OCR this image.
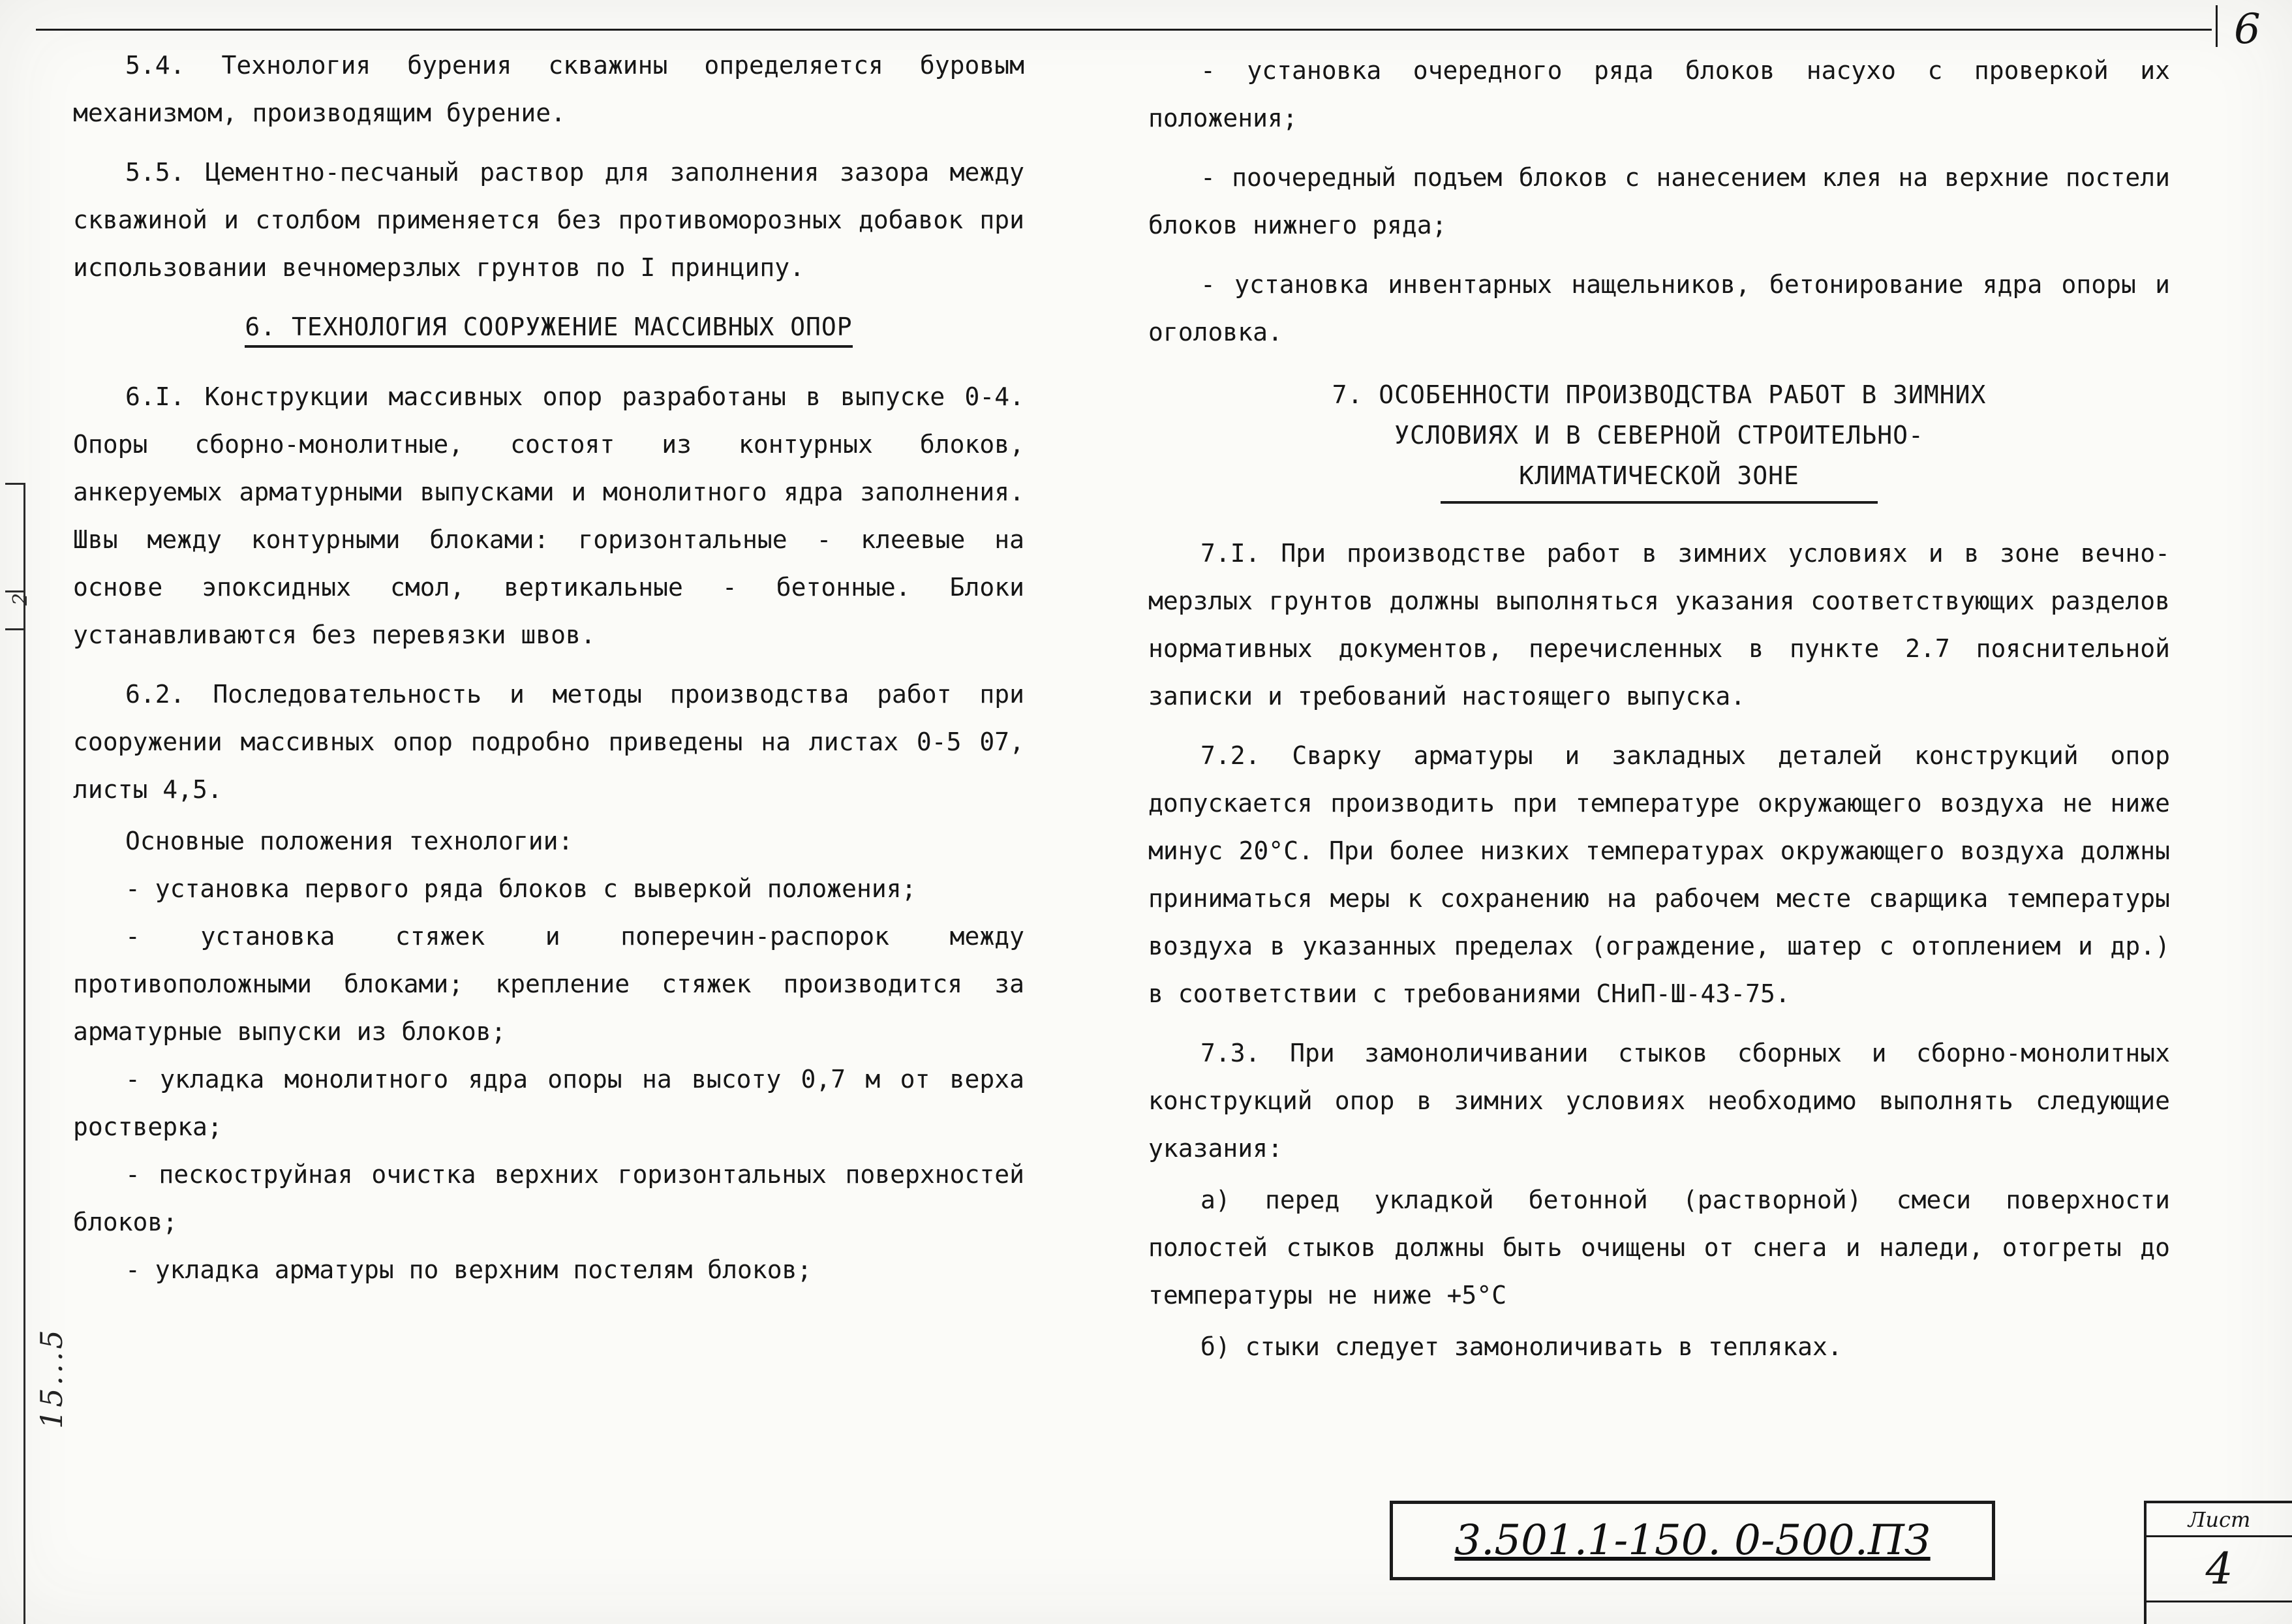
6
2
15...5
5.4. Технология бурения скважины определяется буровым механизмом, производящим бурение.
5.5. Цементно-песчаный раствор для заполнения зазора между скважиной и столбом применяется без противоморозных добавок при использовании вечномерзлых грунтов по I принципу.
6. ТЕХНОЛОГИЯ СООРУЖЕНИЕ МАССИВНЫХ ОПОР
6.I. Конструкции массивных опор разработаны в выпуске 0-4. Опоры сборно-монолитные, состоят из контурных блоков, анкеруемых арматурными выпусками и монолитного ядра заполнения. Швы между контурными блоками: горизонтальные - клеевые на основе эпоксидных смол, вертикальные - бетонные. Блоки устанавливаются без перевязки швов.
6.2. Последовательность и методы производства работ при сооружении массивных опор подробно приведены на листах 0-5 07, листы 4,5.
Основные положения технологии:
- установка первого ряда блоков с выверкой положения;
- установка стяжек и поперечин-распорок между противоположными блоками; крепление стяжек производится за арматурные выпуски из блоков;
- укладка монолитного ядра опоры на высоту 0,7 м от верха ростверка;
- пескоструйная очистка верхних горизонтальных поверхностей блоков;
- укладка арматуры по верхним постелям блоков;
- установка очередного ряда блоков насухо с проверкой их положения;
- поочередный подъем блоков с нанесением клея на верхние постели блоков нижнего ряда;
- установка инвентарных нащельников, бетонирование ядра опоры и оголовка.
7. ОСОБЕННОСТИ ПРОИЗВОДСТВА РАБОТ В ЗИМНИХ
УСЛОВИЯХ И В СЕВЕРНОЙ СТРОИТЕЛЬНО-
КЛИМАТИЧЕСКОЙ ЗОНЕ
7.I. При производстве работ в зимних условиях и в зоне вечно-мерзлых грунтов должны выполняться указания соответствующих разделов нормативных документов, перечисленных в пункте 2.7 пояснительной записки и требований настоящего выпуска.
7.2. Сварку арматуры и закладных деталей конструкций опор допускается производить при температуре окружающего воздуха не ниже минус 20°С. При более низких температурах окружающего воздуха должны приниматься меры к сохранению на рабочем месте сварщика температуры воздуха в указанных пределах (ограждение, шатер с отоплением и др.) в соответствии с требованиями СНиП-Ш-43-75.
7.3. При замоноличивании стыков сборных и сборно-монолитных конструкций опор в зимних условиях необходимо выполнять следующие указания:
а) перед укладкой бетонной (растворной) смеси поверхности полостей стыков должны быть очищены от снега и наледи, отогреты до температуры не ниже +5°С
б) стыки следует замоноличивать в тепляках.
3.501.1-150. 0-500.ПЗ	Лист
4
